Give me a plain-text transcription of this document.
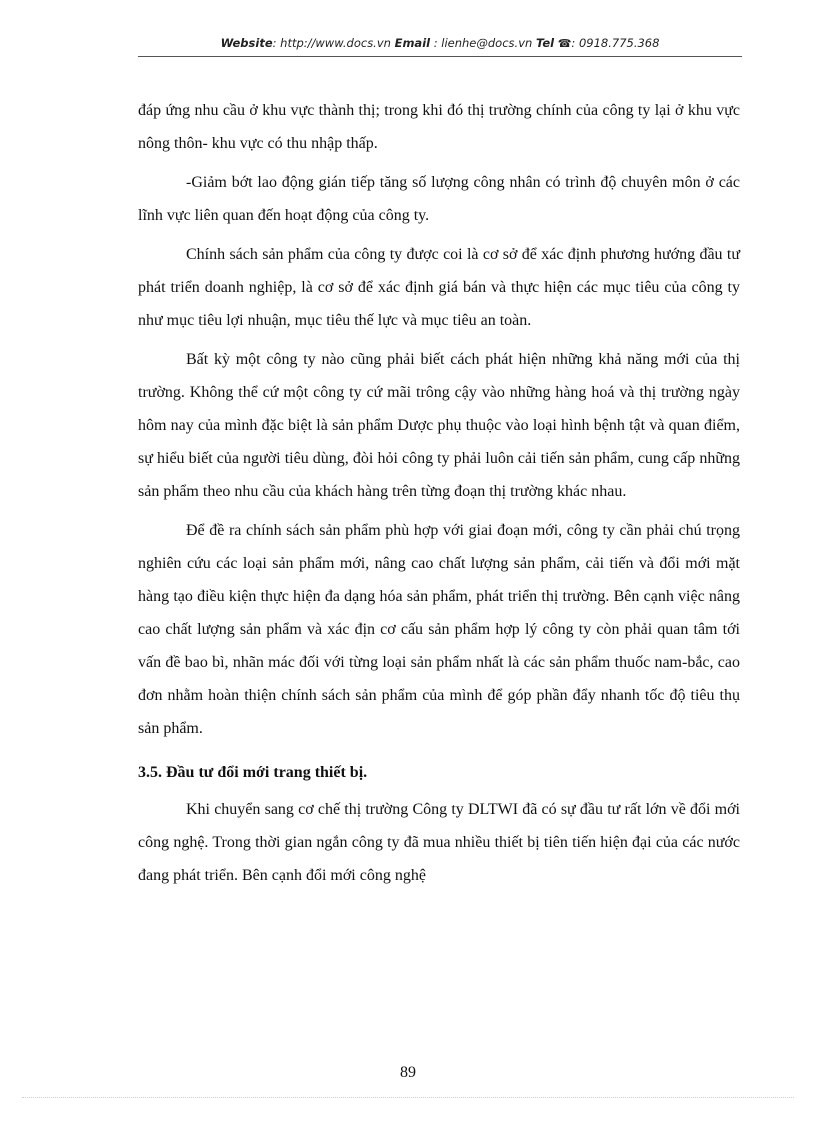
Website: http://www.docs.vn Email : lienhe@docs.vn Tel ☎: 0918.775.368

đáp ứng nhu cầu ở khu vực thành thị; trong khi đó thị trường chính của công ty lại ở khu vực nông thôn- khu vực có thu nhập thấp.

-Giảm bớt lao động gián tiếp tăng số lượng công nhân có trình độ chuyên môn ở các lĩnh vực liên quan đến hoạt động của công ty.

Chính sách sản phẩm của công ty được coi là cơ sở để xác định phương hướng đầu tư phát triển doanh nghiệp, là cơ sở để xác định giá bán và thực hiện các mục tiêu của công ty như mục tiêu lợi nhuận, mục tiêu thế lực và mục tiêu an toàn.

Bất kỳ một công ty nào cũng phải biết cách phát hiện những khả năng mới của thị trường. Không thể cứ một công ty cứ mãi trông cậy vào những hàng hoá và thị trường ngày hôm nay của mình đặc biệt là sản phẩm Dược phụ thuộc vào loại hình bệnh tật và quan điểm, sự hiểu biết của người tiêu dùng, đòi hỏi công ty phải luôn cải tiến sản phẩm, cung cấp những sản phẩm theo nhu cầu của khách hàng trên từng đoạn thị trường khác nhau.

Để đề ra chính sách sản phẩm phù hợp với giai đoạn mới, công ty cần phải chú trọng nghiên cứu các loại sản phẩm mới, nâng cao chất lượng sản phẩm, cải tiến và đổi mới mặt hàng tạo điều kiện thực hiện đa dạng hóa sản phẩm, phát triển thị trường. Bên cạnh việc nâng cao chất lượng sản phẩm và xác địn cơ cấu sản phẩm hợp lý công ty còn phải quan tâm tới vấn đề bao bì, nhãn mác đối với từng loại sản phẩm nhất là các sản phẩm thuốc nam-bắc, cao đơn nhằm hoàn thiện chính sách sản phẩm của mình để góp phần đẩy nhanh tốc độ tiêu thụ sản phẩm.

3.5. Đầu tư đổi mới trang thiết bị.

Khi chuyển sang cơ chế thị trường Công ty DLTWI đã có sự đầu tư rất lớn về đổi mới công nghệ. Trong thời gian ngắn công ty đã mua nhiều thiết bị tiên tiến hiện đại của các nước đang phát triển. Bên cạnh đổi mới công nghệ

89
